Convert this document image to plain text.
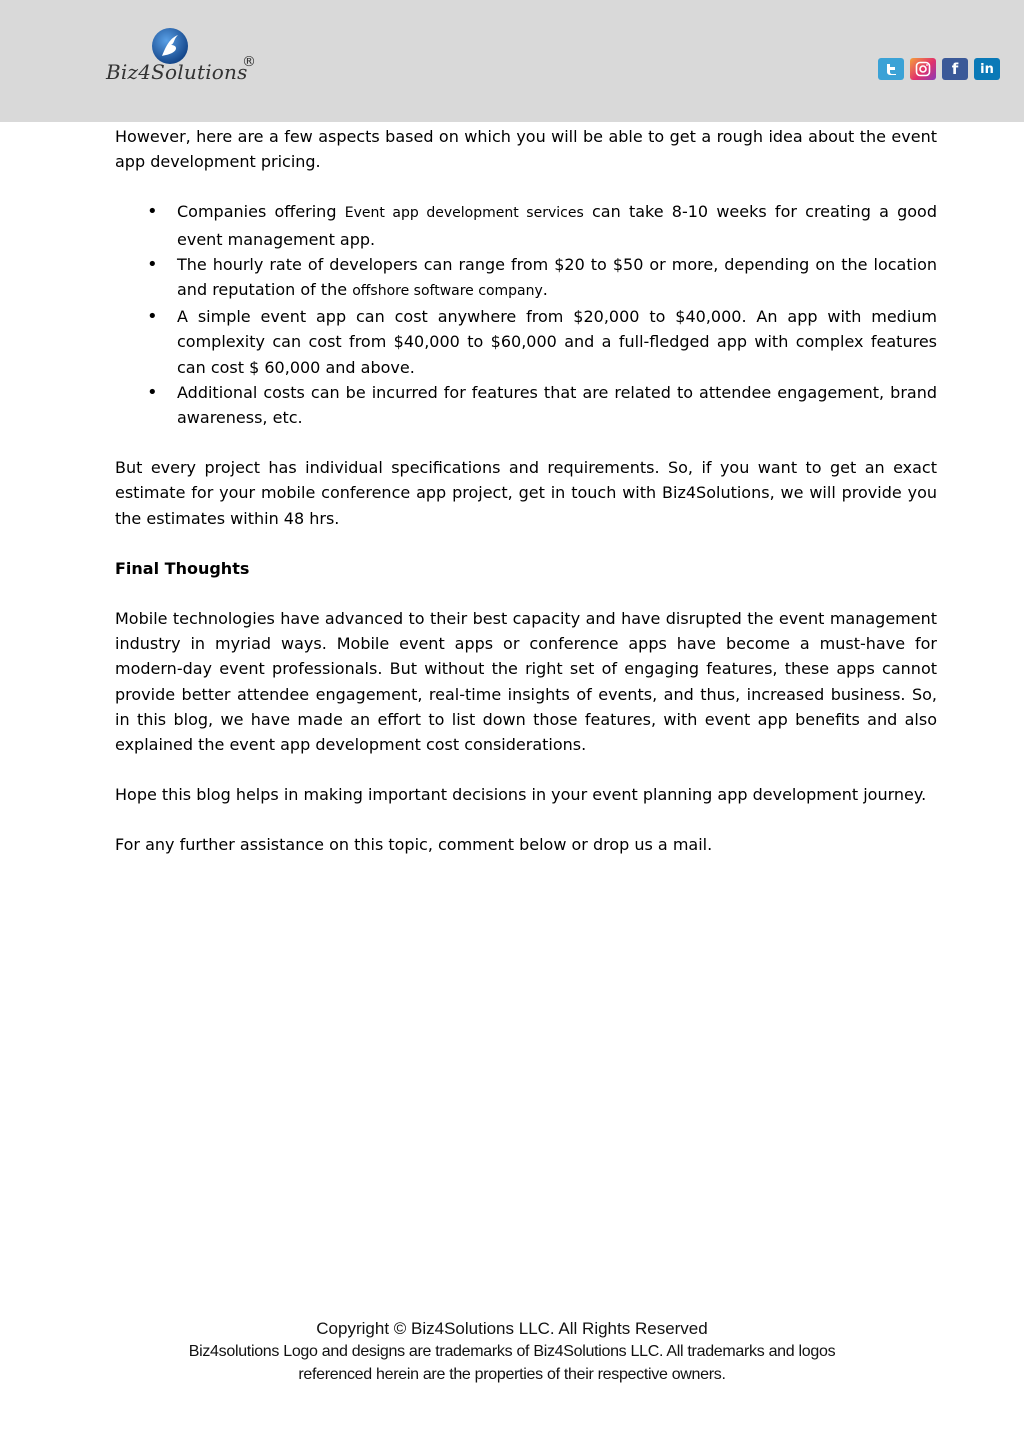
Biz4Solutions
®	f	in

However, here are a few aspects based on which you will be able to get a rough idea about the event app development pricing.

• Companies offering Event app development services can take 8-10 weeks for creating a good event management app.
• The hourly rate of developers can range from $20 to $50 or more, depending on the location and reputation of the offshore software company.
• A simple event app can cost anywhere from $20,000 to $40,000. An app with medium complexity can cost from $40,000 to $60,000 and a full-fledged app with complex features can cost $ 60,000 and above.
• Additional costs can be incurred for features that are related to attendee engagement, brand awareness, etc.

But every project has individual specifications and requirements. So, if you want to get an exact estimate for your mobile conference app project, get in touch with Biz4Solutions, we will provide you the estimates within 48 hrs.

Final Thoughts

Mobile technologies have advanced to their best capacity and have disrupted the event management industry in myriad ways. Mobile event apps or conference apps have become a must-have for modern-day event professionals. But without the right set of engaging features, these apps cannot provide better attendee engagement, real-time insights of events, and thus, increased business. So, in this blog, we have made an effort to list down those features, with event app benefits and also explained the event app development cost considerations.

Hope this blog helps in making important decisions in your event planning app development journey.

For any further assistance on this topic, comment below or drop us a mail.

Copyright © Biz4Solutions LLC. All Rights Reserved
Biz4solutions Logo and designs are trademarks of Biz4Solutions LLC. All trademarks and logos
referenced herein are the properties of their respective owners.
